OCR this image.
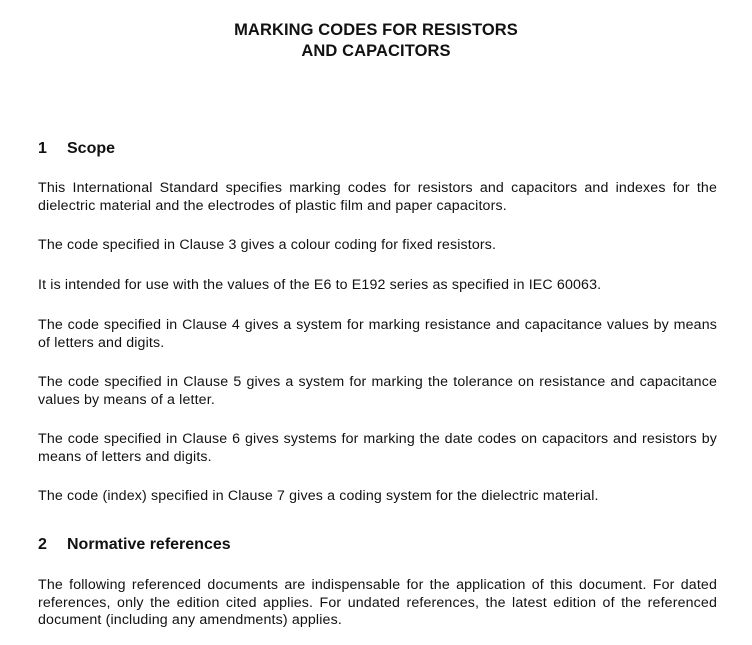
MARKING CODES FOR RESISTORS
AND CAPACITORS
1 Scope

This International Standard specifies marking codes for resistors and capacitors and indexes for the dielectric material and the electrodes of plastic film and paper capacitors.

The code specified in Clause 3 gives a colour coding for fixed resistors.

It is intended for use with the values of the E6 to E192 series as specified in IEC 60063.

The code specified in Clause 4 gives a system for marking resistance and capacitance values by means of letters and digits.

The code specified in Clause 5 gives a system for marking the tolerance on resistance and capacitance values by means of a letter.

The code specified in Clause 6 gives systems for marking the date codes on capacitors and resistors by means of letters and digits.

The code (index) specified in Clause 7 gives a coding system for the dielectric material.

2 Normative references

The following referenced documents are indispensable for the application of this document. For dated references, only the edition cited applies. For undated references, the latest edition of the referenced document (including any amendments) applies.
